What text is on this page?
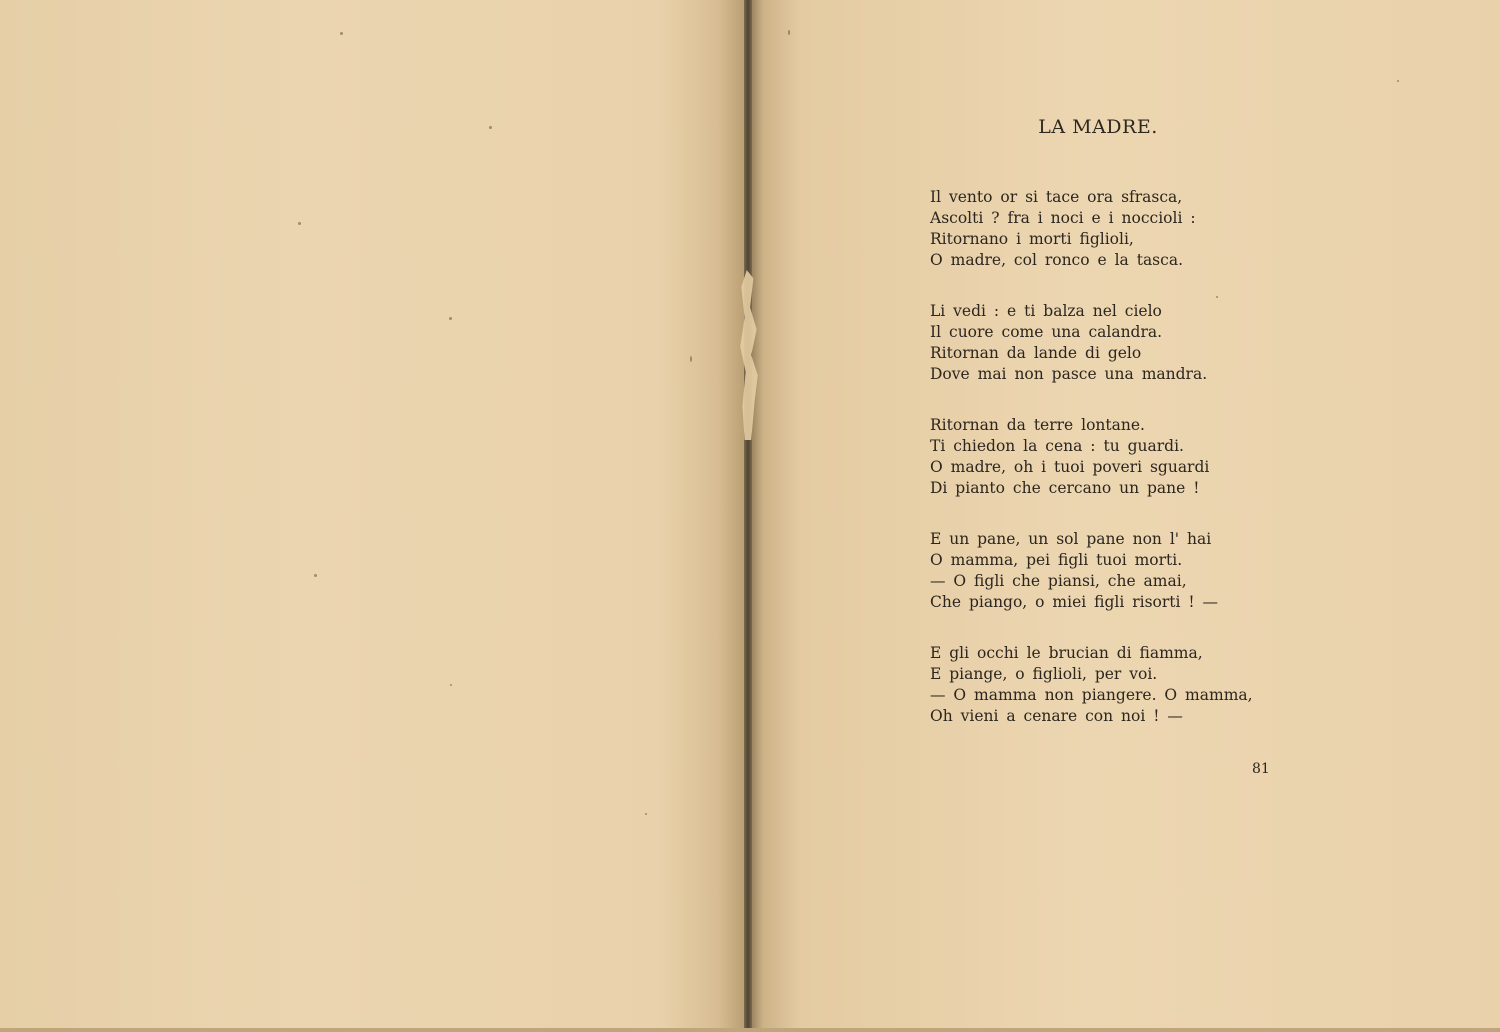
LA MADRE.
Il vento or si tace ora sfrasca,
Ascolti ? fra i noci e i noccioli :
Ritornano i morti figlioli,
O madre, col ronco e la tasca.
Li vedi : e ti balza nel cielo
Il cuore come una calandra.
Ritornan da lande di gelo
Dove mai non pasce una mandra.
Ritornan da terre lontane.
Ti chiedon la cena : tu guardi.
O madre, oh i tuoi poveri sguardi
Di pianto che cercano un pane !
E un pane, un sol pane non l' hai
O mamma, pei figli tuoi morti.
— O figli che piansi, che amai,
Che piango, o miei figli risorti ! —
E gli occhi le brucian di fiamma,
E piange, o figlioli, per voi.
— O mamma non piangere. O mamma,
Oh vieni a cenare con noi ! —
81
